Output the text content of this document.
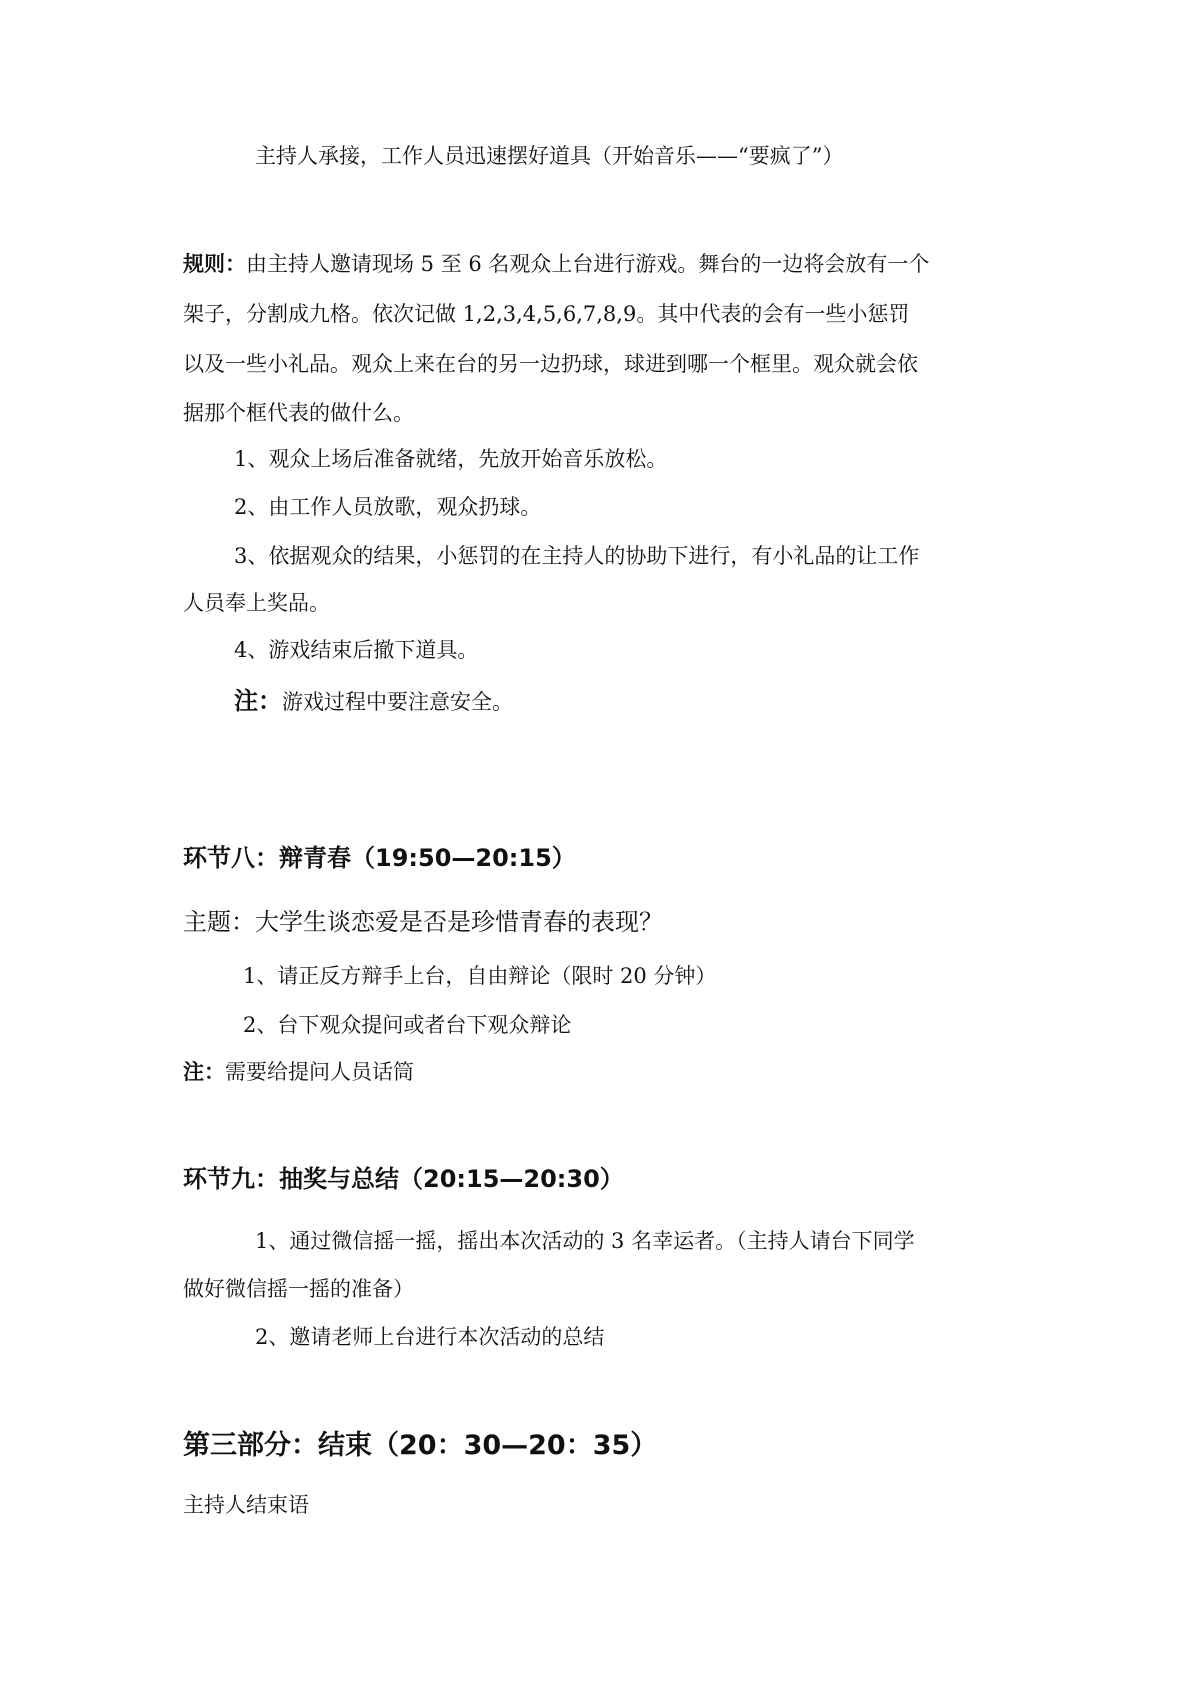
主持人承接，工作人员迅速摆好道具（开始音乐——“要疯了”）
规则：由主持人邀请现场 5 至 6 名观众上台进行游戏。舞台的一边将会放有一个
架子，分割成九格。依次记做 1,2,3,4,5,6,7,8,9。其中代表的会有一些小惩罚
以及一些小礼品。观众上来在台的另一边扔球，球进到哪一个框里。观众就会依
据那个框代表的做什么。
1、观众上场后准备就绪，先放开始音乐放松。
2、由工作人员放歌，观众扔球。
3、依据观众的结果，小惩罚的在主持人的协助下进行，有小礼品的让工作
人员奉上奖品。
4、游戏结束后撤下道具。
注：游戏过程中要注意安全。
环节八：辩青春（19:50—20:15）
主题：大学生谈恋爱是否是珍惜青春的表现？
1、请正反方辩手上台，自由辩论（限时 20 分钟）
2、台下观众提问或者台下观众辩论
注：需要给提问人员话筒
环节九：抽奖与总结（20:15—20:30）
1、通过微信摇一摇，摇出本次活动的 3 名幸运者。（主持人请台下同学
做好微信摇一摇的准备）
2、邀请老师上台进行本次活动的总结
第三部分：结束（20：30—20：35）
主持人结束语
